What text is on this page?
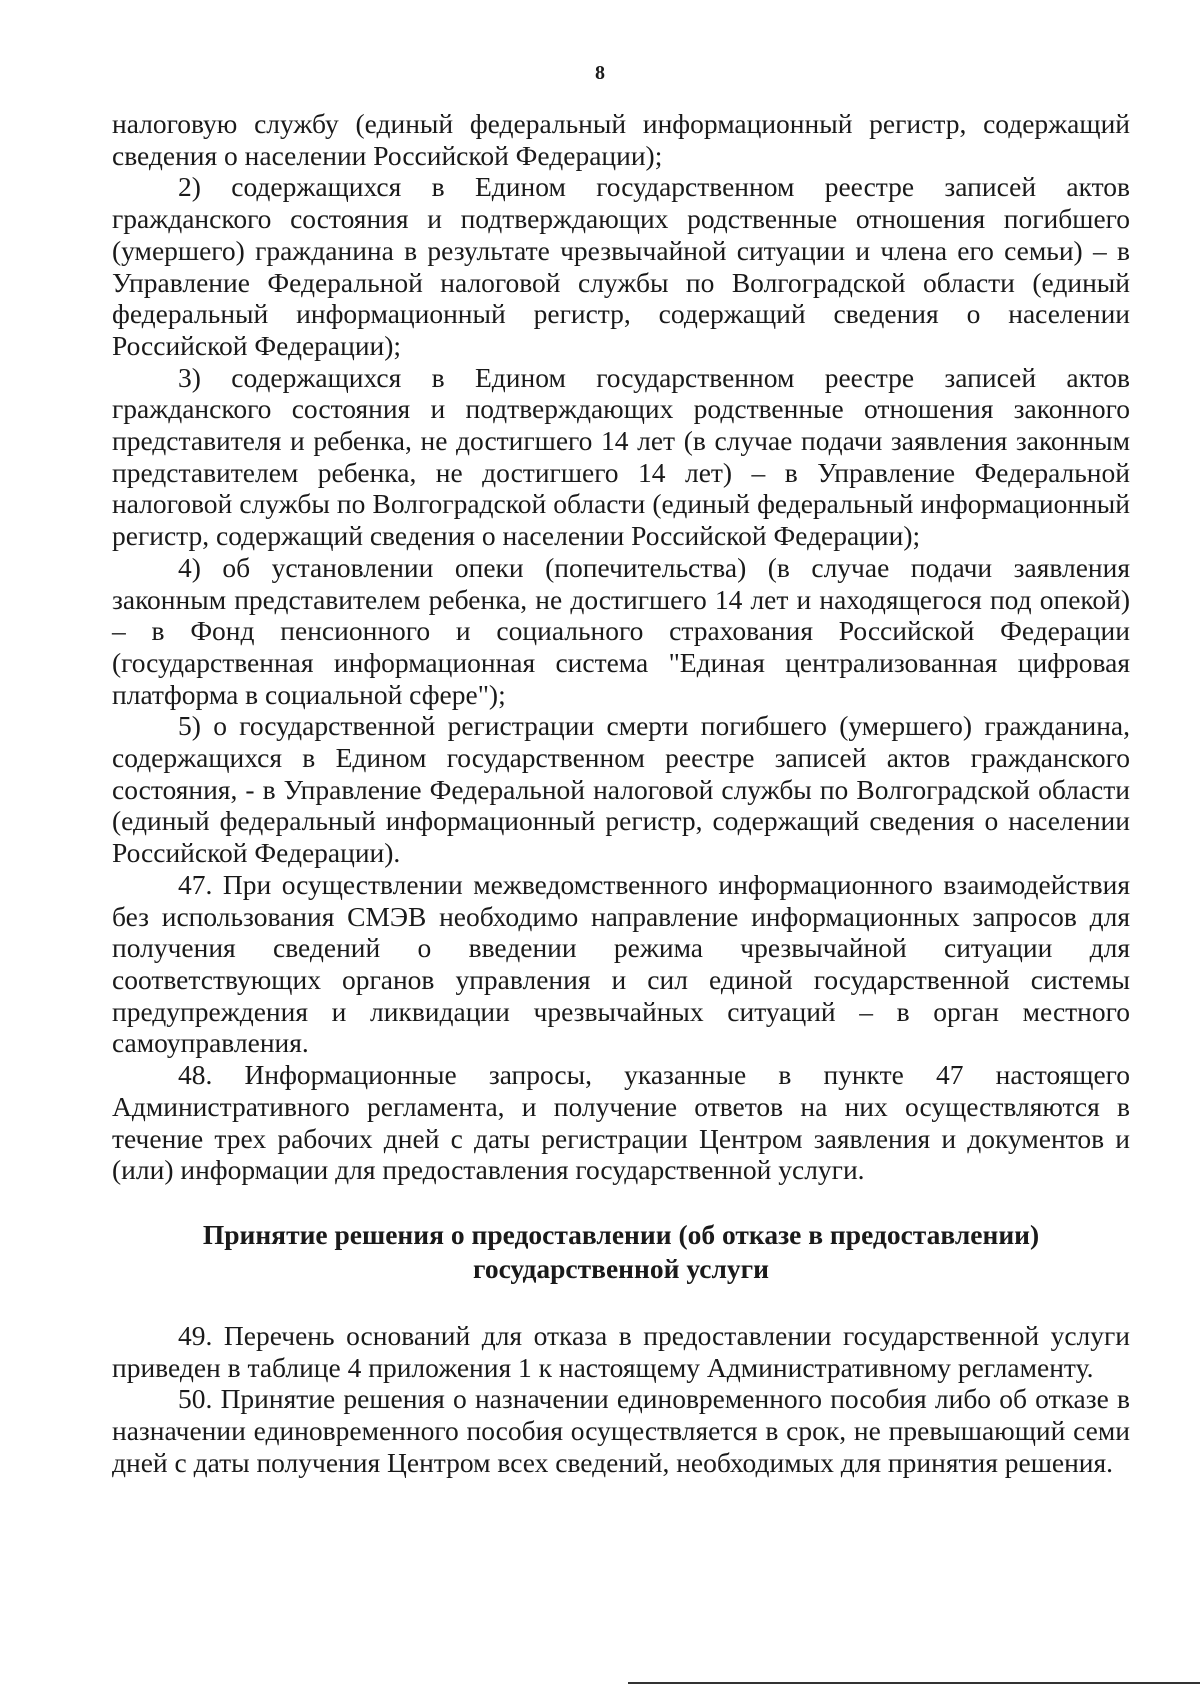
8

налоговую службу (единый федеральный информационный регистр, содержащий сведения о населении Российской Федерации);

2) содержащихся в Едином государственном реестре записей актов гражданского состояния и подтверждающих родственные отношения погибшего (умершего) гражданина в результате чрезвычайной ситуации и члена его семьи) – в Управление Федеральной налоговой службы по Волгоградской области (единый федеральный информационный регистр, содержащий сведения о населении Российской Федерации);

3) содержащихся в Едином государственном реестре записей актов гражданского состояния и подтверждающих родственные отношения законного представителя и ребенка, не достигшего 14 лет (в случае подачи заявления законным представителем ребенка, не достигшего 14 лет) – в Управление Федеральной налоговой службы по Волгоградской области (единый федеральный информационный регистр, содержащий сведения о населении Российской Федерации);

4) об установлении опеки (попечительства) (в случае подачи заявления законным представителем ребенка, не достигшего 14 лет и находящегося под опекой) – в Фонд пенсионного и социального страхования Российской Федерации (государственная информационная система "Единая централизованная цифровая платформа в социальной сфере");

5) о государственной регистрации смерти погибшего (умершего) гражданина, содержащихся в Едином государственном реестре записей актов гражданского состояния, - в Управление Федеральной налоговой службы по Волгоградской области (единый федеральный информационный регистр, содержащий сведения о населении Российской Федерации).

47. При осуществлении межведомственного информационного взаимодействия без использования СМЭВ необходимо направление информационных запросов для получения сведений о введении режима чрезвычайной ситуации для соответствующих органов управления и сил единой государственной системы предупреждения и ликвидации чрезвычайных ситуаций – в орган местного самоуправления.

48. Информационные запросы, указанные в пункте 47 настоящего Административного регламента, и получение ответов на них осуществляются в течение трех рабочих дней с даты регистрации Центром заявления и документов и (или) информации для предоставления государственной услуги.

Принятие решения о предоставлении (об отказе в предоставлении)
государственной услуги

49. Перечень оснований для отказа в предоставлении государственной услуги приведен в таблице 4 приложения 1 к настоящему Административному регламенту.

50. Принятие решения о назначении единовременного пособия либо об отказе в назначении единовременного пособия осуществляется в срок, не превышающий семи дней с даты получения Центром всех сведений, необходимых для принятия решения.
